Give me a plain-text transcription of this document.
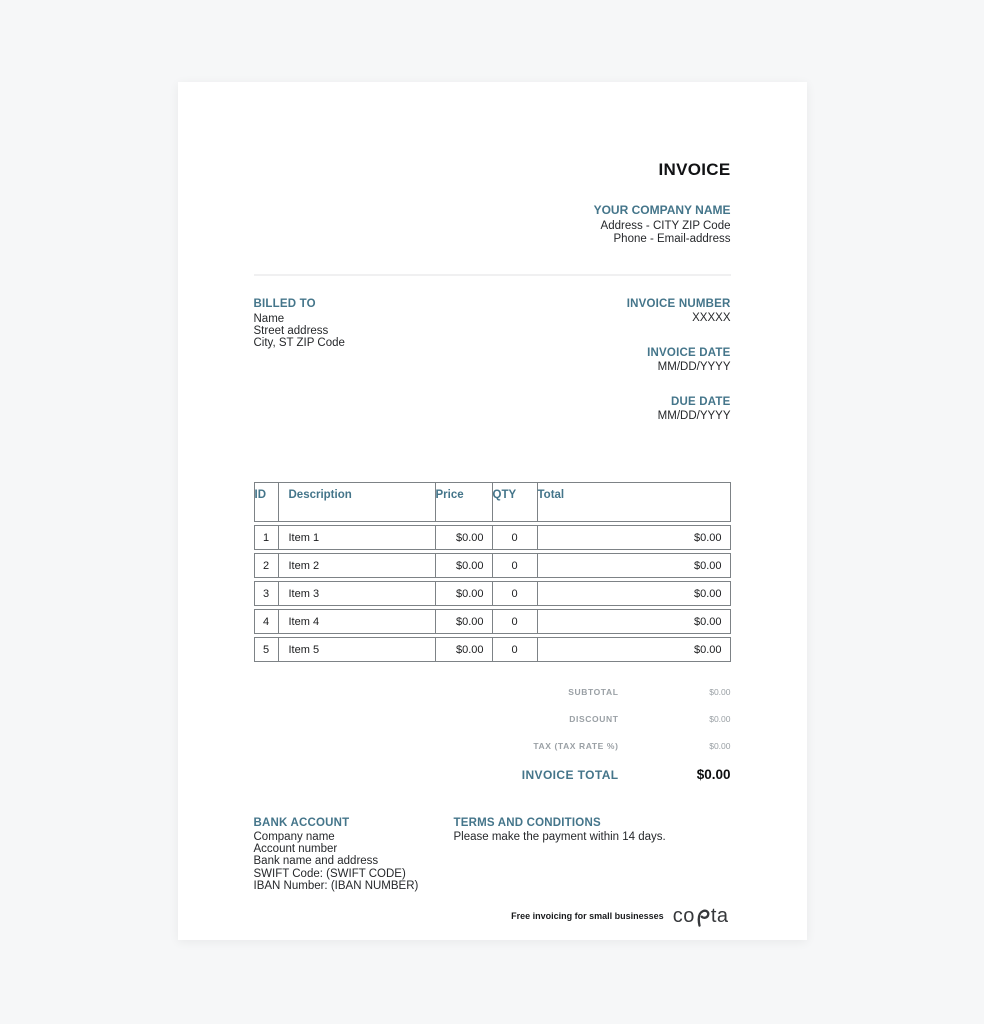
INVOICE
YOUR COMPANY NAME
Address - CITY ZIP Code
Phone - Email-address
BILLED TO
Name
Street address
City, ST ZIP Code
INVOICE NUMBER
XXXXX
INVOICE DATE
MM/DD/YYYY
DUE DATE
MM/DD/YYYY
ID	Description	Price	QTY	Total
1	Item 1	$0.00	0	$0.00
2	Item 2	$0.00	0	$0.00
3	Item 3	$0.00	0	$0.00
4	Item 4	$0.00	0	$0.00
5	Item 5	$0.00	0	$0.00
SUBTOTAL	$0.00
DISCOUNT	$0.00
TAX (TAX RATE %)	$0.00
INVOICE TOTAL	$0.00
BANK ACCOUNT
Company name
Account number
Bank name and address
SWIFT Code: (SWIFT CODE)
IBAN Number: (IBAN NUMBER)
TERMS AND CONDITIONS
Please make the payment within 14 days.
Free invoicing for small businesses co ta
